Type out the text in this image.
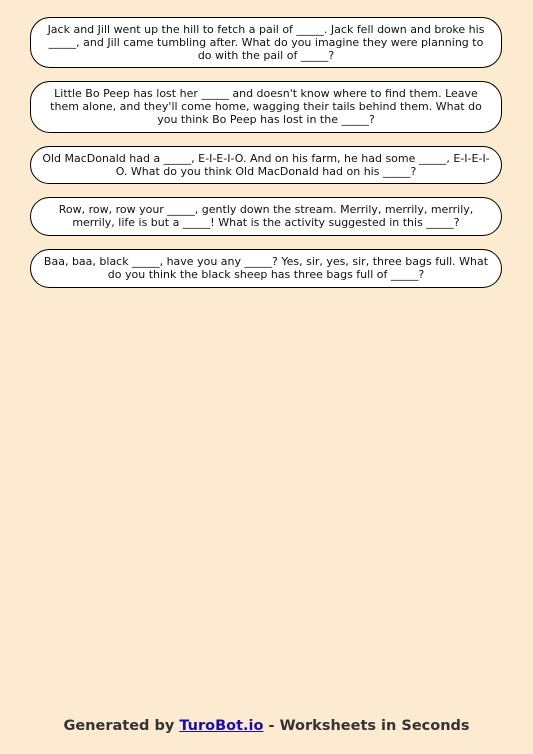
Jack and Jill went up the hill to fetch a pail of _____. Jack fell down and broke his _____, and Jill came tumbling after. What do you imagine they were planning to do with the pail of _____?
Little Bo Peep has lost her _____ and doesn't know where to find them. Leave them alone, and they'll come home, wagging their tails behind them. What do you think Bo Peep has lost in the _____?
Old MacDonald had a _____, E-I-E-I-O. And on his farm, he had some _____, E-I-E-I-O. What do you think Old MacDonald had on his _____?
Row, row, row your _____, gently down the stream. Merrily, merrily, merrily, merrily, life is but a _____! What is the activity suggested in this _____?
Baa, baa, black _____, have you any _____? Yes, sir, yes, sir, three bags full. What do you think the black sheep has three bags full of _____?
Generated by TuroBot.io - Worksheets in Seconds
